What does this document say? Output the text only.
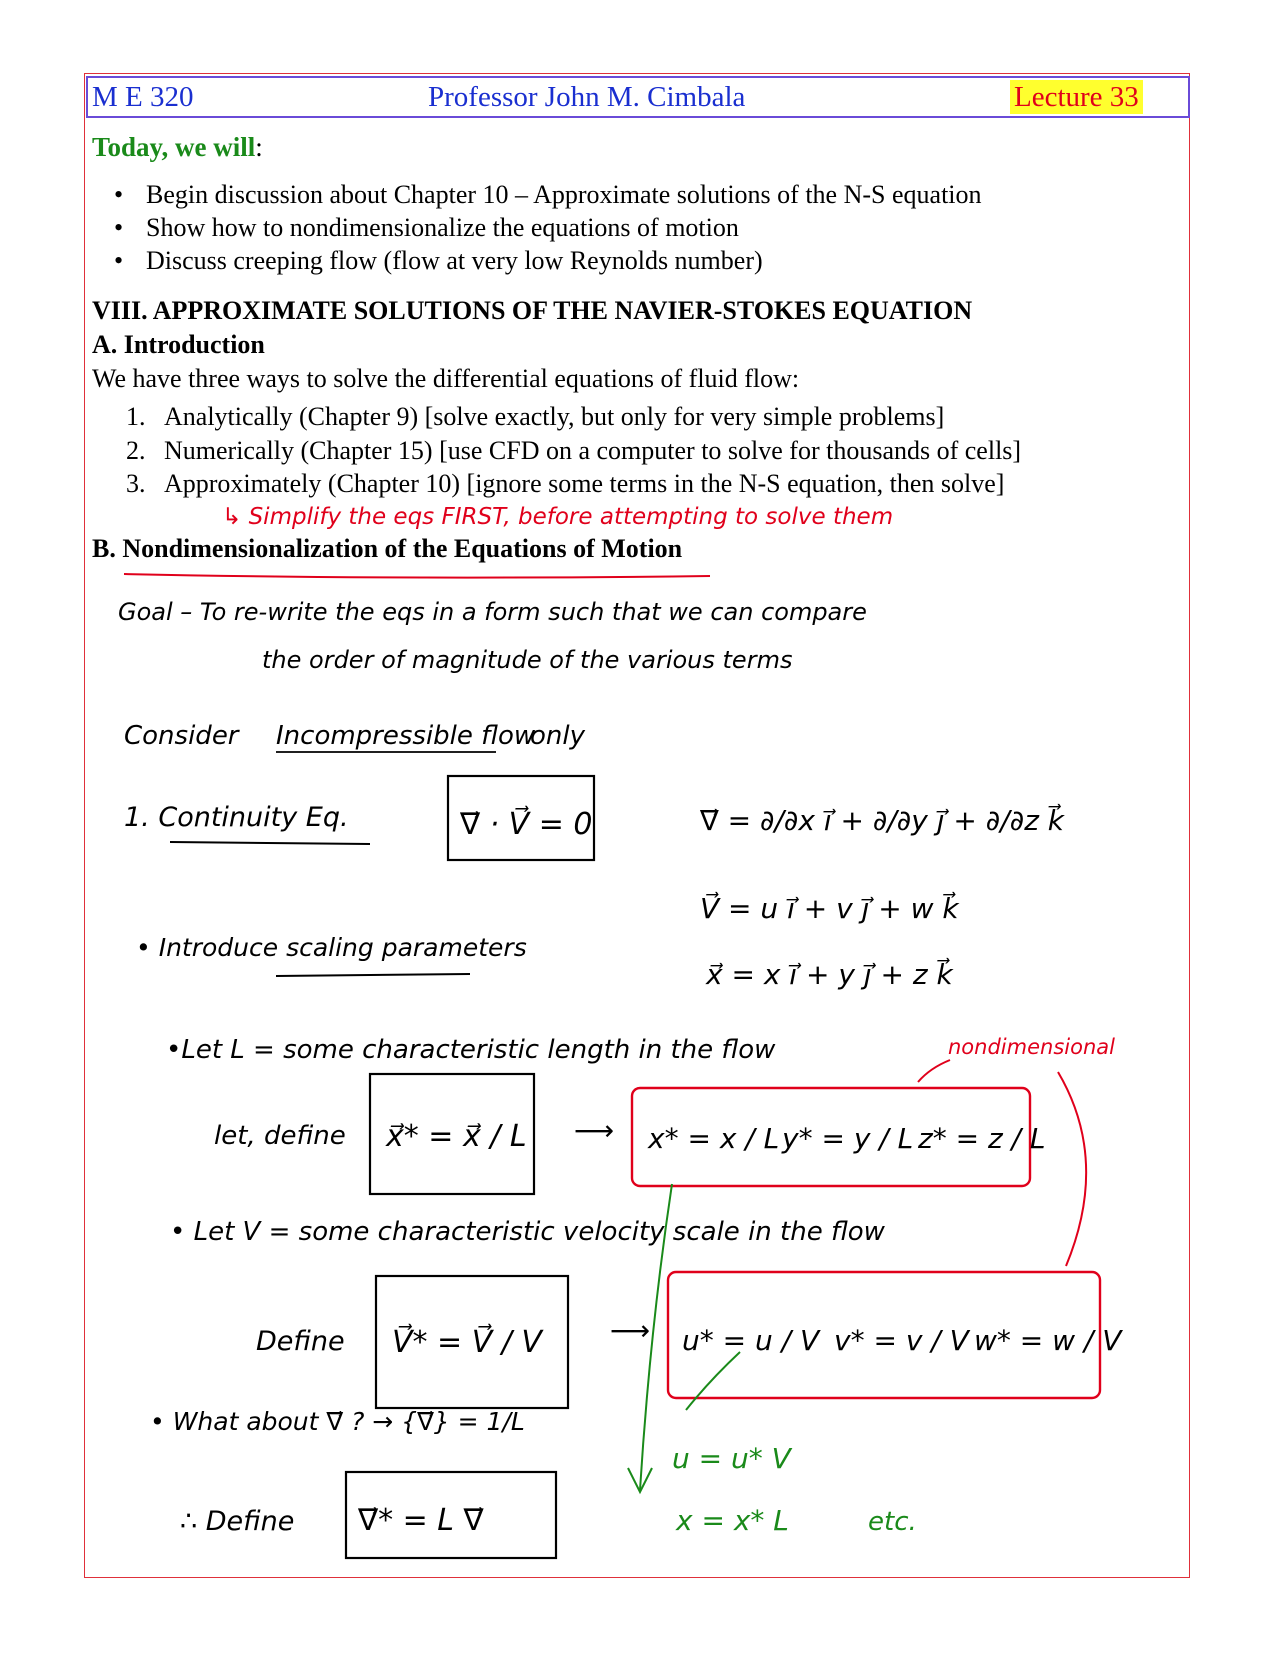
M E 320	Professor John M. Cimbala	Lecture 33
Today, we will:
• Begin discussion about Chapter 10 – Approximate solutions of the N-S equation
• Show how to nondimensionalize the equations of motion
• Discuss creeping flow (flow at very low Reynolds number)
VIII. APPROXIMATE SOLUTIONS OF THE NAVIER-STOKES EQUATION
A. Introduction
We have three ways to solve the differential equations of fluid flow:
1. Analytically (Chapter 9) [solve exactly, but only for very simple problems]
2. Numerically (Chapter 15) [use CFD on a computer to solve for thousands of cells]
3. Approximately (Chapter 10) [ignore some terms in the N-S equation, then solve]
B. Nondimensionalization of the Equations of Motion
↳ Simplify the eqs FIRST, before attempting to solve them
Goal – To re-write the eqs in a form such that we can compare
the order of magnitude of the various terms
Consider Incompressible flow
only
1. Continuity Eq.	∇⃗ · V⃗ = 0	∇⃗ = ∂/∂x i⃗ + ∂/∂y j⃗ + ∂/∂z k⃗
V⃗ = u i⃗ + v j⃗ + w k⃗
x⃗ = x i⃗ + y j⃗ + z k⃗
• Introduce scaling parameters
•Let L = some characteristic length in the flow
let, define x⃗* = x⃗ / L ⟶ x* = x / L y* = y / L z* = z / L
nondimensional
• Let V = some characteristic velocity scale in the flow
Define V⃗* = V⃗ / V ⟶ u* = u / V v* = v / V w* = w / V
• What about ∇⃗ ? → {∇⃗} = 1/L
∴ Define ∇⃗* = L ∇⃗
u = u* V
x = x* L	etc.
